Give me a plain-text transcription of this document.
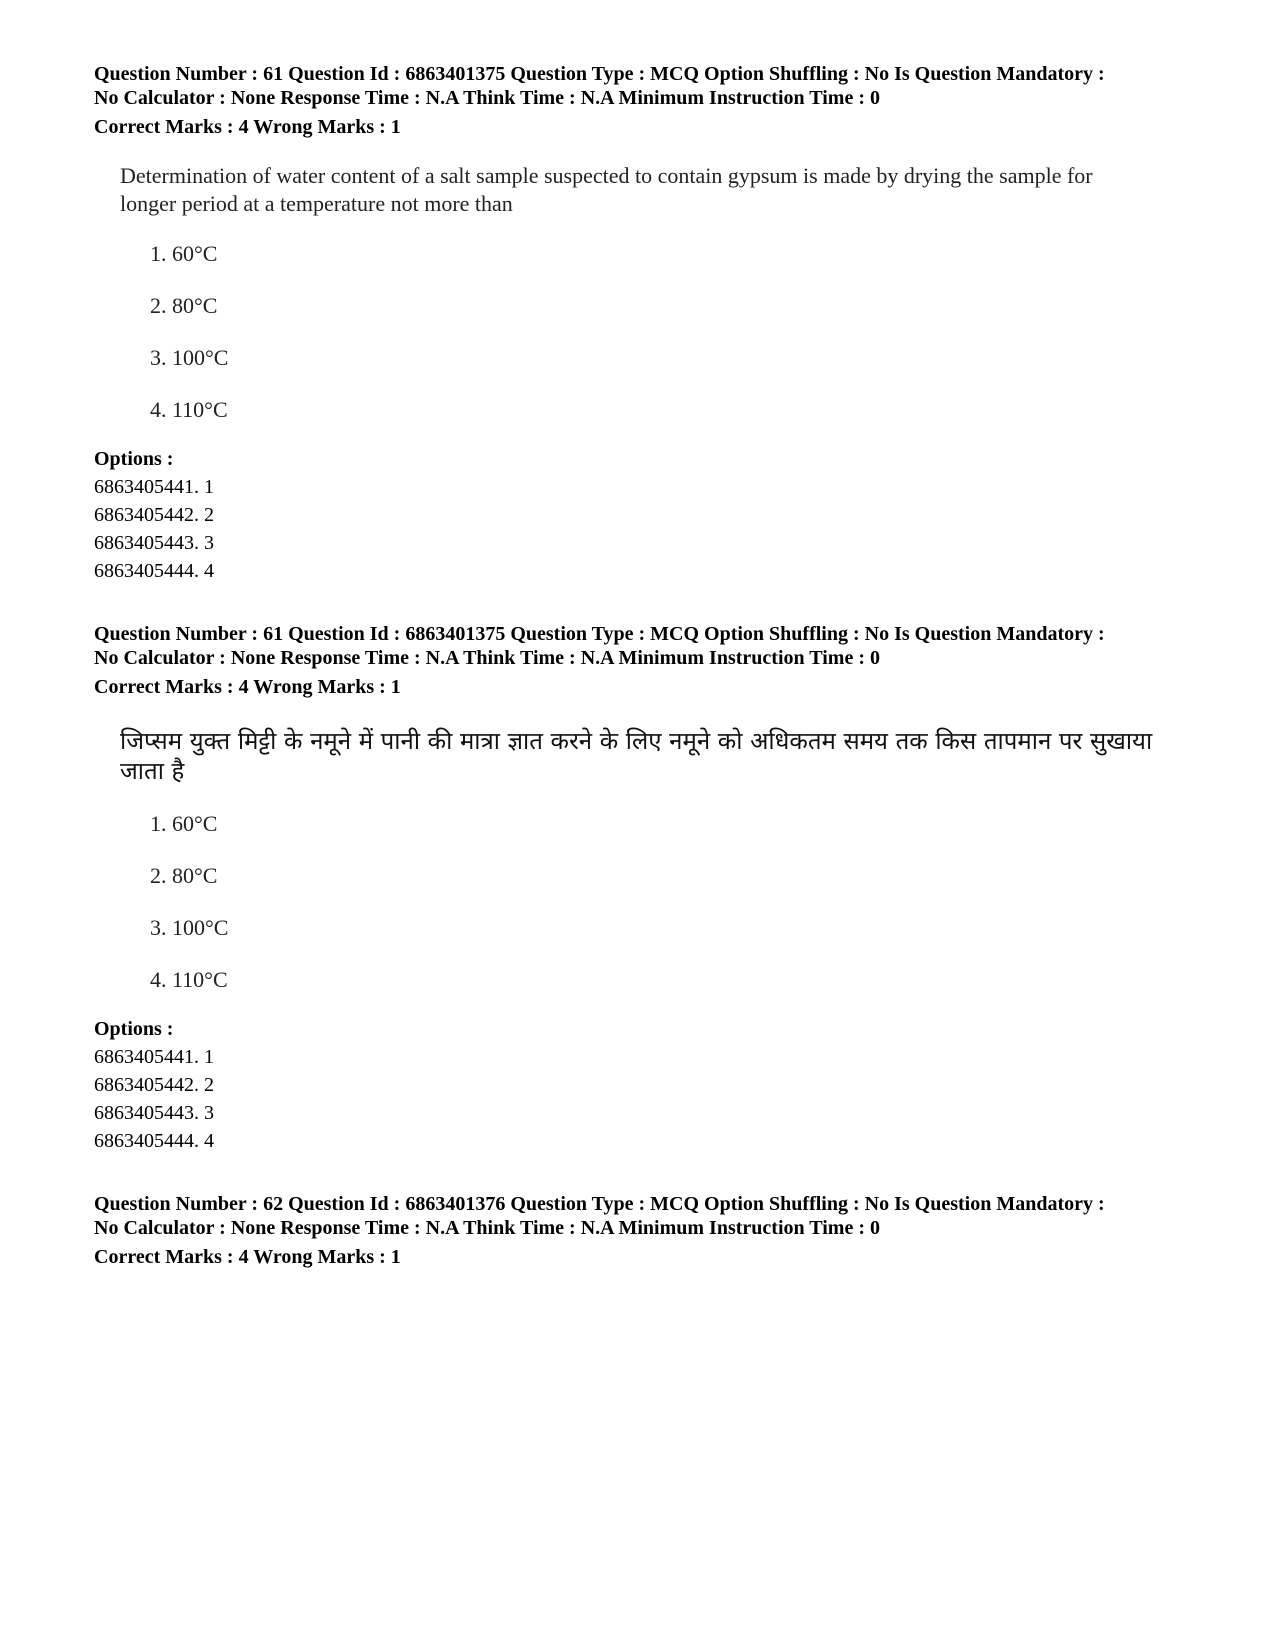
Question Number : 61 Question Id : 6863401375 Question Type : MCQ Option Shuffling : No Is Question Mandatory :
No Calculator : None Response Time : N.A Think Time : N.A Minimum Instruction Time : 0
Correct Marks : 4 Wrong Marks : 1
Determination of water content of a salt sample suspected to contain gypsum is made by drying the sample for
longer period at a temperature not more than
1. 60°C
2. 80°C
3. 100°C
4. 110°C
Options :
6863405441. 1
6863405442. 2
6863405443. 3
6863405444. 4
Question Number : 61 Question Id : 6863401375 Question Type : MCQ Option Shuffling : No Is Question Mandatory :
No Calculator : None Response Time : N.A Think Time : N.A Minimum Instruction Time : 0
Correct Marks : 4 Wrong Marks : 1
जिप्सम युक्त मिट्टी के नमूने में पानी की मात्रा ज्ञात करने के लिए नमूने को अधिकतम समय तक किस तापमान पर सुखाया
जाता है
1. 60°C
2. 80°C
3. 100°C
4. 110°C
Options :
6863405441. 1
6863405442. 2
6863405443. 3
6863405444. 4
Question Number : 62 Question Id : 6863401376 Question Type : MCQ Option Shuffling : No Is Question Mandatory :
No Calculator : None Response Time : N.A Think Time : N.A Minimum Instruction Time : 0
Correct Marks : 4 Wrong Marks : 1
